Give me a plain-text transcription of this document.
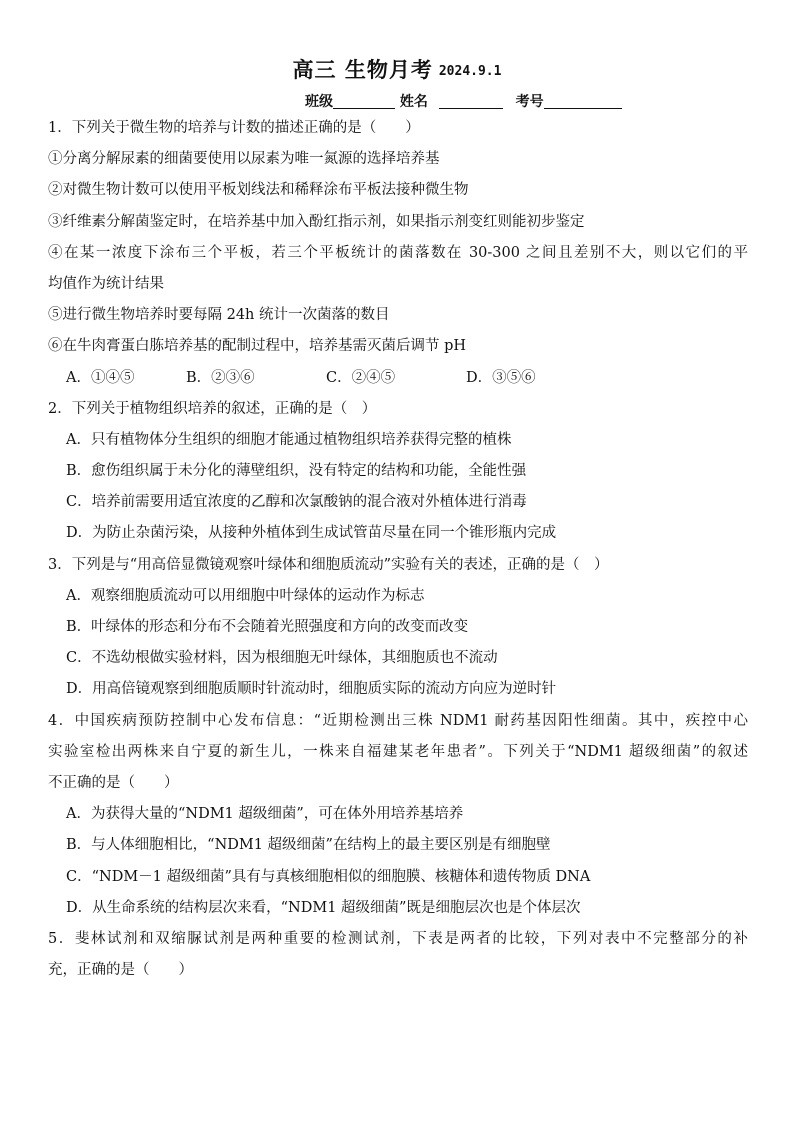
高三 生物月考 2024.9.1
班级	姓名	考号
1．下列关于微生物的培养与计数的描述正确的是（　　）
①分离分解尿素的细菌要使用以尿素为唯一氮源的选择培养基
②对微生物计数可以使用平板划线法和稀释涂布平板法接种微生物
③纤维素分解菌鉴定时，在培养基中加入酚红指示剂，如果指示剂变红则能初步鉴定
④在某一浓度下涂布三个平板，若三个平板统计的菌落数在 30-300 之间且差别不大，则以它们的平
均值作为统计结果
⑤进行微生物培养时要每隔 24h 统计一次菌落的数目
⑥在牛肉膏蛋白胨培养基的配制过程中，培养基需灭菌后调节 pH
A．①④⑤	B．②③⑥	C．②④⑤	D．③⑤⑥
2．下列关于植物组织培养的叙述，正确的是（　）
A．只有植物体分生组织的细胞才能通过植物组织培养获得完整的植株
B．愈伤组织属于未分化的薄壁组织，没有特定的结构和功能，全能性强
C．培养前需要用适宜浓度的乙醇和次氯酸钠的混合液对外植体进行消毒
D．为防止杂菌污染，从接种外植体到生成试管苗尽量在同一个锥形瓶内完成
3．下列是与“用高倍显微镜观察叶绿体和细胞质流动”实验有关的表述，正确的是（　）
A．观察细胞质流动可以用细胞中叶绿体的运动作为标志
B．叶绿体的形态和分布不会随着光照强度和方向的改变而改变
C．不选幼根做实验材料，因为根细胞无叶绿体，其细胞质也不流动
D．用高倍镜观察到细胞质顺时针流动时，细胞质实际的流动方向应为逆时针
4．中国疾病预防控制中心发布信息：“近期检测出三株 NDM1 耐药基因阳性细菌。其中，疾控中心
实验室检出两株来自宁夏的新生儿，一株来自福建某老年患者”。下列关于“NDM1 超级细菌”的叙述
不正确的是（　　）
A．为获得大量的“NDM1 超级细菌”，可在体外用培养基培养
B．与人体细胞相比，“NDM1 超级细菌”在结构上的最主要区别是有细胞壁
C．“NDM－1 超级细菌”具有与真核细胞相似的细胞膜、核糖体和遗传物质 DNA
D．从生命系统的结构层次来看，“NDM1 超级细菌”既是细胞层次也是个体层次
5．斐林试剂和双缩脲试剂是两种重要的检测试剂，下表是两者的比较，下列对表中不完整部分的补
充，正确的是（　　）
